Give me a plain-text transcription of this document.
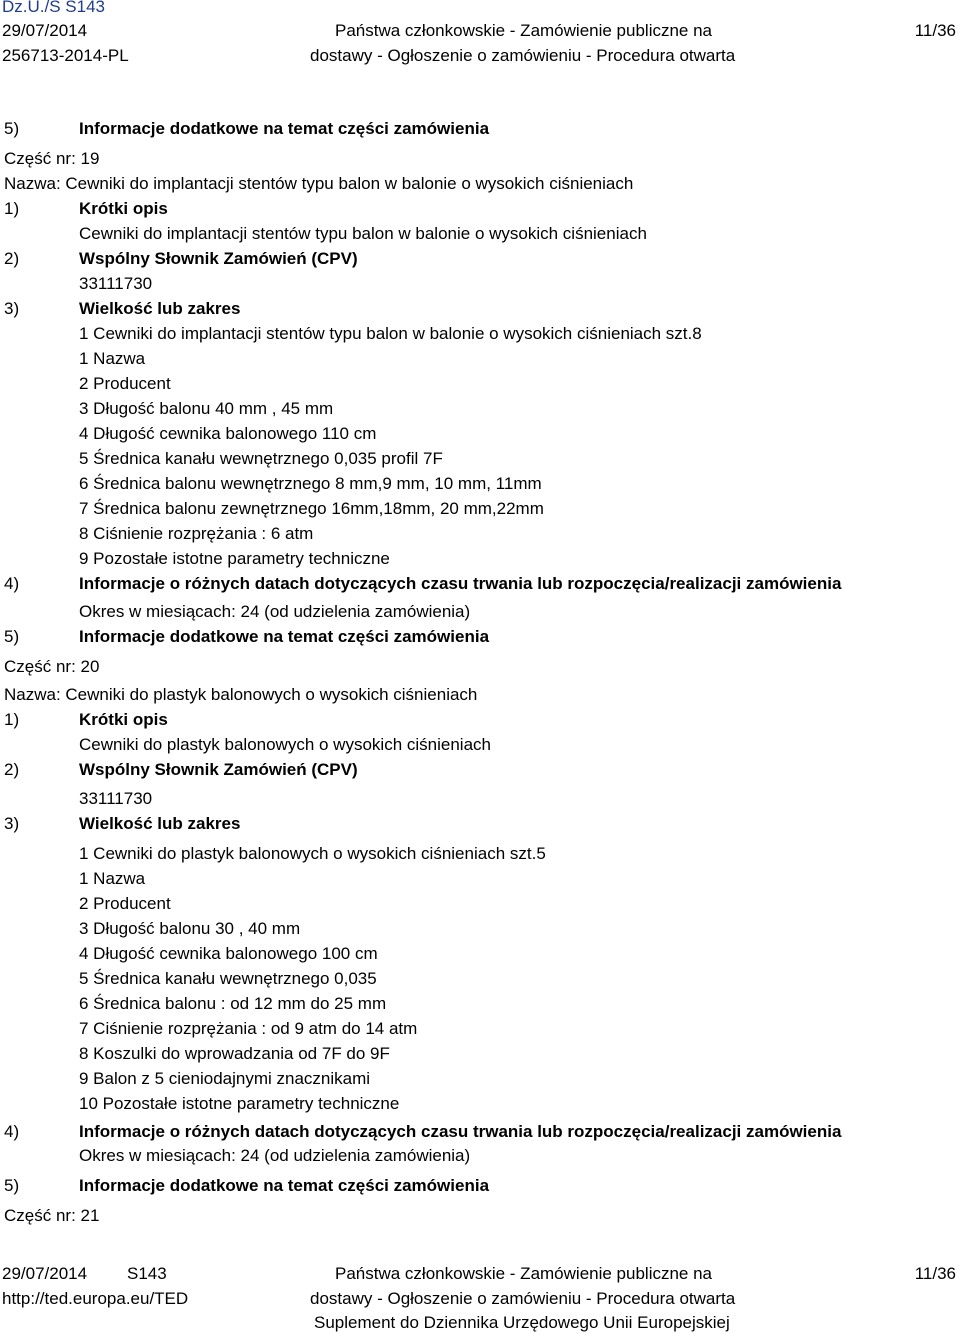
Dz.U./S S143
29/07/2014
256713-2014-PL
Państwa członkowskie - Zamówienie publiczne na
dostawy - Ogłoszenie o zamówieniu - Procedura otwarta
11/36
5)	Informacje dodatkowe na temat części zamówienia
Część nr: 19
Nazwa: Cewniki do implantacji stentów typu balon w balonie o wysokich ciśnieniach
1)	Krótki opis
Cewniki do implantacji stentów typu balon w balonie o wysokich ciśnieniach
2)	Wspólny Słownik Zamówień (CPV)
33111730
3)	Wielkość lub zakres
1 Cewniki do implantacji stentów typu balon w balonie o wysokich ciśnieniach szt.8
1 Nazwa
2 Producent
3 Długość balonu 40 mm , 45 mm
4 Długość cewnika balonowego 110 cm
5 Średnica kanału wewnętrznego 0,035 profil 7F
6 Średnica balonu wewnętrznego 8 mm,9 mm, 10 mm, 11mm
7 Średnica balonu zewnętrznego 16mm,18mm, 20 mm,22mm
8 Ciśnienie rozprężania : 6 atm
9 Pozostałe istotne parametry techniczne
4)	Informacje o różnych datach dotyczących czasu trwania lub rozpoczęcia/realizacji zamówienia
Okres w miesiącach: 24 (od udzielenia zamówienia)
5)	Informacje dodatkowe na temat części zamówienia
Część nr: 20
Nazwa: Cewniki do plastyk balonowych o wysokich ciśnieniach
1)	Krótki opis
Cewniki do plastyk balonowych o wysokich ciśnieniach
2)	Wspólny Słownik Zamówień (CPV)
33111730
3)	Wielkość lub zakres
1 Cewniki do plastyk balonowych o wysokich ciśnieniach szt.5
1 Nazwa
2 Producent
3 Długość balonu 30 , 40 mm
4 Długość cewnika balonowego 100 cm
5 Średnica kanału wewnętrznego 0,035
6 Średnica balonu : od 12 mm do 25 mm
7 Ciśnienie rozprężania : od 9 atm do 14 atm
8 Koszulki do wprowadzania od 7F do 9F
9 Balon z 5 cieniodajnymi znacznikami
10 Pozostałe istotne parametry techniczne
4)	Informacje o różnych datach dotyczących czasu trwania lub rozpoczęcia/realizacji zamówienia
Okres w miesiącach: 24 (od udzielenia zamówienia)
5)	Informacje dodatkowe na temat części zamówienia
Część nr: 21
29/07/2014 S143
http://ted.europa.eu/TED
Państwa członkowskie - Zamówienie publiczne na
dostawy - Ogłoszenie o zamówieniu - Procedura otwarta
Suplement do Dziennika Urzędowego Unii Europejskiej
11/36
